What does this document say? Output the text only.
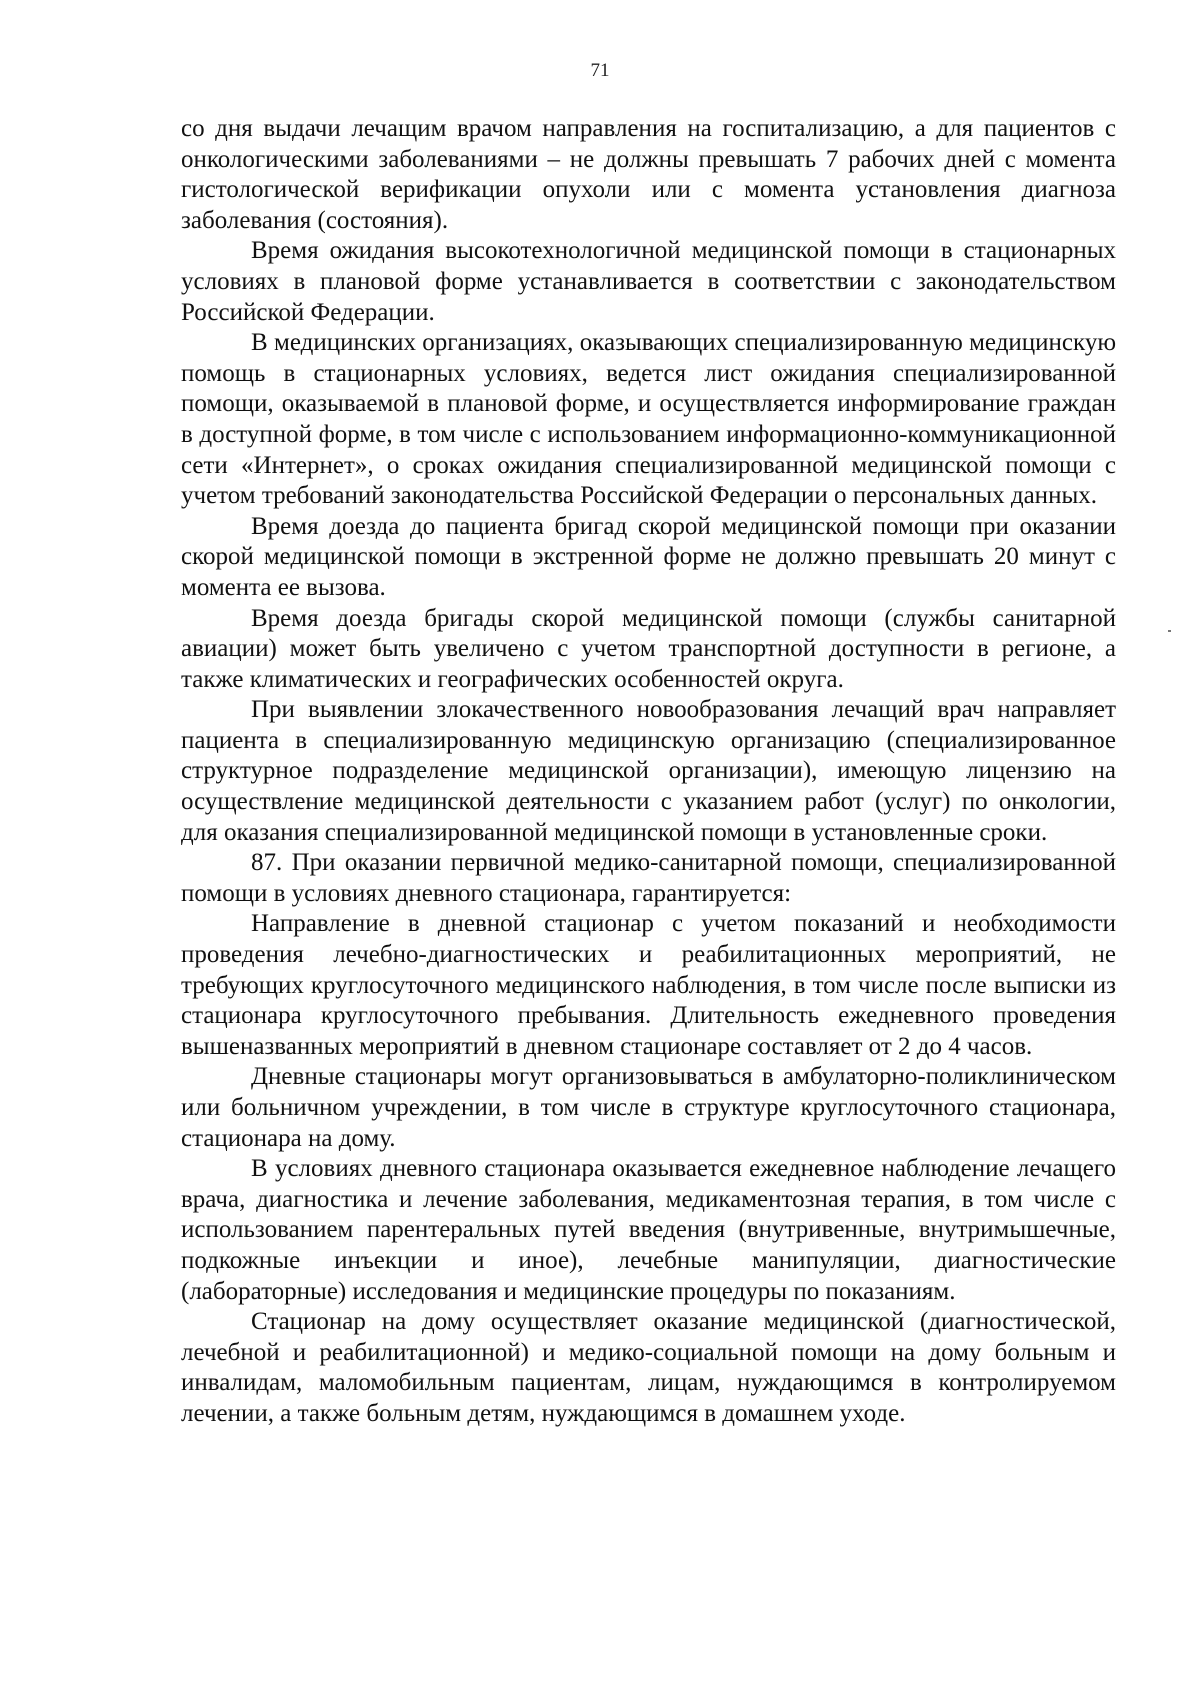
71

со дня выдачи лечащим врачом направления на госпитализацию, а для пациентов с онкологическими заболеваниями – не должны превышать 7 рабочих дней с момента гистологической верификации опухоли или с момента установления диагноза заболевания (состояния).

Время ожидания высокотехнологичной медицинской помощи в стационарных условиях в плановой форме устанавливается в соответствии с законодательством Российской Федерации.

В медицинских организациях, оказывающих специализированную медицинскую помощь в стационарных условиях, ведется лист ожидания специализированной помощи, оказываемой в плановой форме, и осуществляется информирование граждан в доступной форме, в том числе с использованием информационно-коммуникационной сети «Интернет», о сроках ожидания специализированной медицинской помощи с учетом требований законодательства Российской Федерации о персональных данных.

Время доезда до пациента бригад скорой медицинской помощи при оказании скорой медицинской помощи в экстренной форме не должно превышать 20 минут с момента ее вызова.

Время доезда бригады скорой медицинской помощи (службы санитарной авиации) может быть увеличено с учетом транспортной доступности в регионе, а также климатических и географических особенностей округа.

При выявлении злокачественного новообразования лечащий врач направляет пациента в специализированную медицинскую организацию (специализированное структурное подразделение медицинской организации), имеющую лицензию на осуществление медицинской деятельности с указанием работ (услуг) по онкологии, для оказания специализированной медицинской помощи в установленные сроки.

87. При оказании первичной медико-санитарной помощи, специализированной помощи в условиях дневного стационара, гарантируется:

Направление в дневной стационар с учетом показаний и необходимости проведения лечебно-диагностических и реабилитационных мероприятий, не требующих круглосуточного медицинского наблюдения, в том числе после выписки из стационара круглосуточного пребывания. Длительность ежедневного проведения вышеназванных мероприятий в дневном стационаре составляет от 2 до 4 часов.

Дневные стационары могут организовываться в амбулаторно-поликлиническом или больничном учреждении, в том числе в структуре круглосуточного стационара, стационара на дому.

В условиях дневного стационара оказывается ежедневное наблюдение лечащего врача, диагностика и лечение заболевания, медикаментозная терапия, в том числе с использованием парентеральных путей введения (внутривенные, внутримышечные, подкожные инъекции и иное), лечебные манипуляции, диагностические (лабораторные) исследования и медицинские процедуры по показаниям.

Стационар на дому осуществляет оказание медицинской (диагностической, лечебной и реабилитационной) и медико-социальной помощи на дому больным и инвалидам, маломобильным пациентам, лицам, нуждающимся в контролируемом лечении, а также больным детям, нуждающимся в домашнем уходе.
